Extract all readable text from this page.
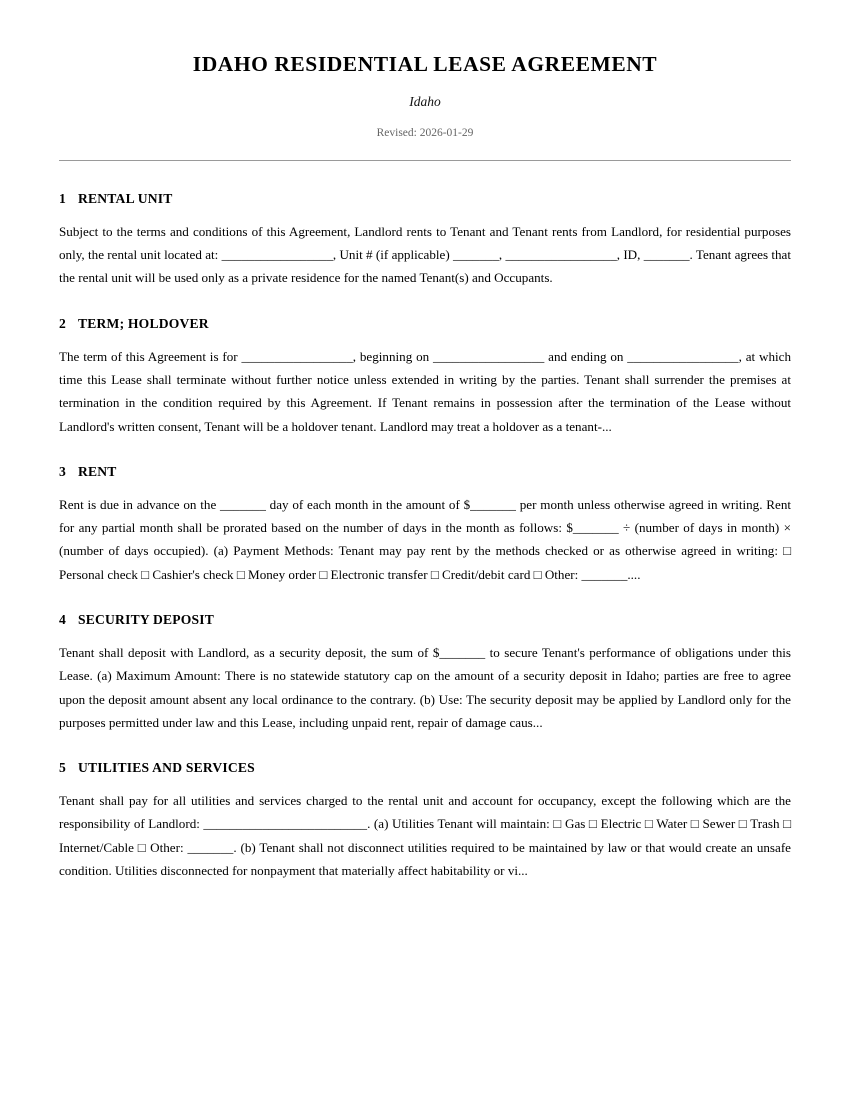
IDAHO RESIDENTIAL LEASE AGREEMENT

Idaho

Revised: 2026-01-29

1 RENTAL UNIT

Subject to the terms and conditions of this Agreement, Landlord rents to Tenant and Tenant rents from Landlord, for residential purposes only, the rental unit located at: _________________, Unit # (if applicable) _______, _________________, ID, _______. Tenant agrees that the rental unit will be used only as a private residence for the named Tenant(s) and Occupants.

2 TERM; HOLDOVER

The term of this Agreement is for _________________, beginning on _________________ and ending on _________________, at which time this Lease shall terminate without further notice unless extended in writing by the parties. Tenant shall surrender the premises at termination in the condition required by this Agreement. If Tenant remains in possession after the termination of the Lease without Landlord's written consent, Tenant will be a holdover tenant. Landlord may treat a holdover as a tenant-...

3 RENT

Rent is due in advance on the _______ day of each month in the amount of $_______ per month unless otherwise agreed in writing. Rent for any partial month shall be prorated based on the number of days in the month as follows: $_______ ÷ (number of days in month) × (number of days occupied). (a) Payment Methods: Tenant may pay rent by the methods checked or as otherwise agreed in writing: □ Personal check □ Cashier's check □ Money order □ Electronic transfer □ Credit/debit card □ Other: _______....

4 SECURITY DEPOSIT

Tenant shall deposit with Landlord, as a security deposit, the sum of $_______ to secure Tenant's performance of obligations under this Lease. (a) Maximum Amount: There is no statewide statutory cap on the amount of a security deposit in Idaho; parties are free to agree upon the deposit amount absent any local ordinance to the contrary. (b) Use: The security deposit may be applied by Landlord only for the purposes permitted under law and this Lease, including unpaid rent, repair of damage caus...

5 UTILITIES AND SERVICES

Tenant shall pay for all utilities and services charged to the rental unit and account for occupancy, except the following which are the responsibility of Landlord: _________________________. (a) Utilities Tenant will maintain: □ Gas □ Electric □ Water □ Sewer □ Trash □ Internet/Cable □ Other: _______. (b) Tenant shall not disconnect utilities required to be maintained by law or that would create an unsafe condition. Utilities disconnected for nonpayment that materially affect habitability or vi...
